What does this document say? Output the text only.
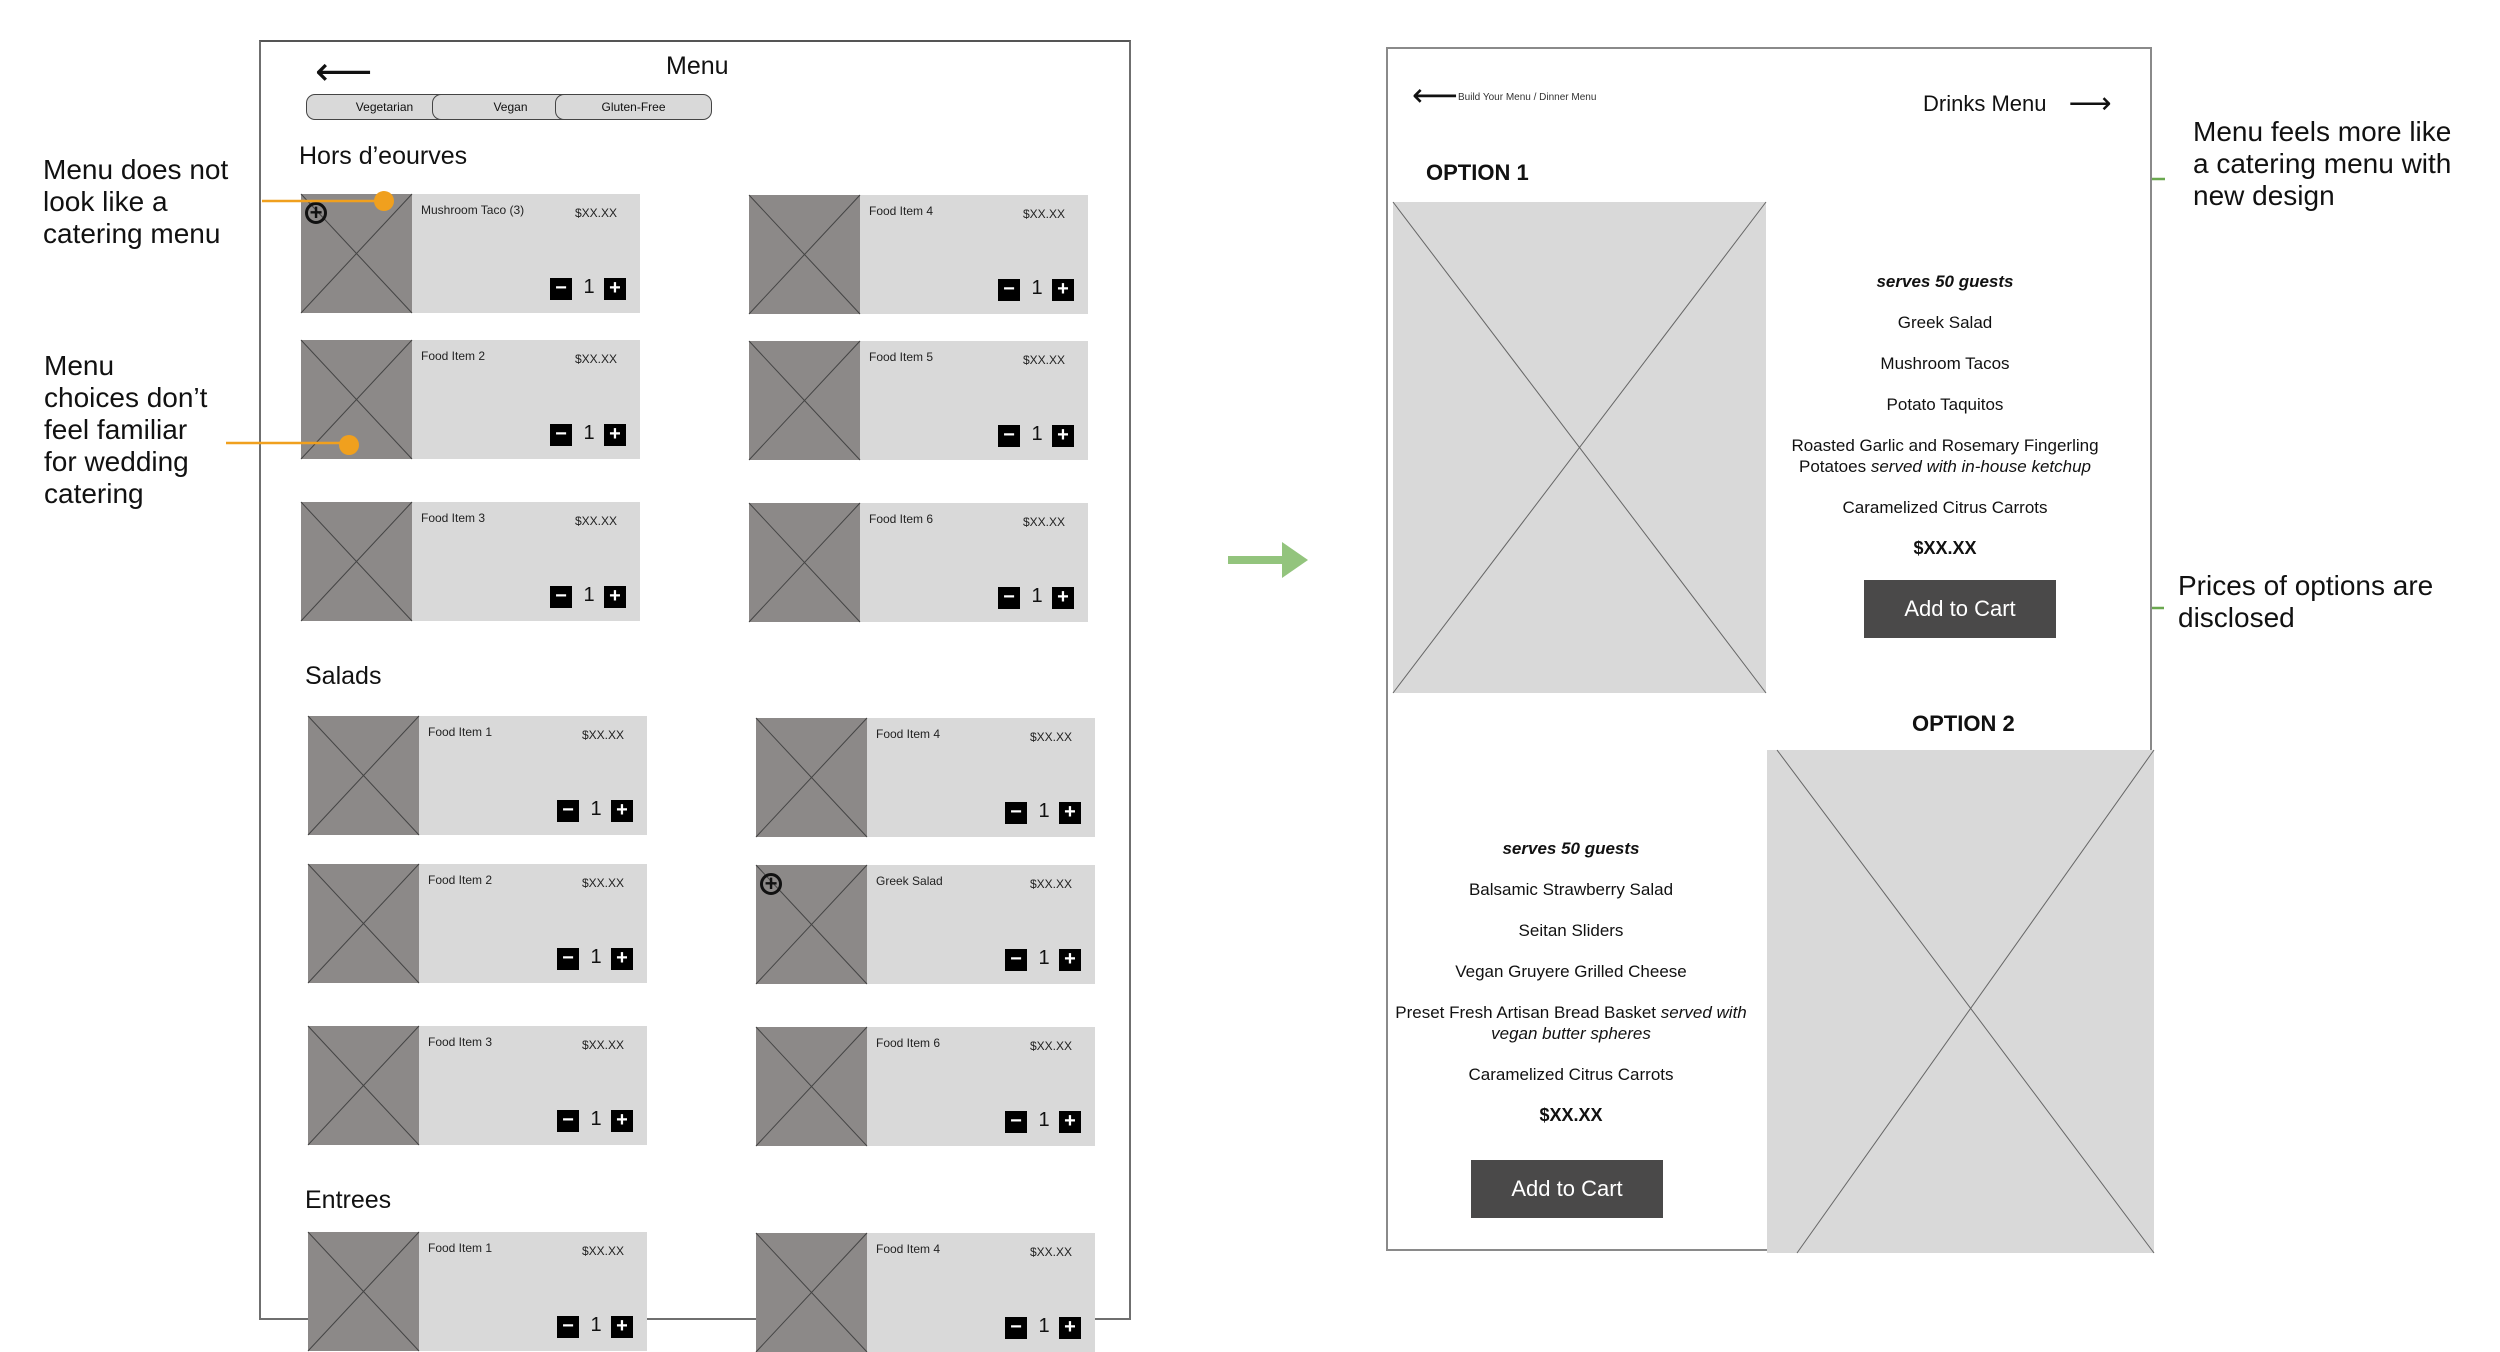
⟵	Menu
Vegetarian	Vegan	Gluten-Free
Hors d’eourves
Salads
Entrees
+	Mushroom Taco (3)	$XX.XX
− 1 +
Food Item 4	$XX.XX
− 1 +
Food Item 2	$XX.XX
− 1 +
Food Item 5	$XX.XX
− 1 +
Food Item 3	$XX.XX
− 1 +
Food Item 6	$XX.XX
− 1 +
Food Item 1	$XX.XX
− 1 +
Food Item 4	$XX.XX
− 1 +
Food Item 2	$XX.XX
− 1 +
+	Greek Salad	$XX.XX
− 1 +
Food Item 3	$XX.XX
− 1 +
Food Item 6	$XX.XX
− 1 +
Food Item 1	$XX.XX
− 1 +
Food Item 4	$XX.XX
− 1 +
Menu does not look like a catering menu
Menu choices don’t feel familiar for wedding catering
Menu feels more like a catering menu with new design
Prices of options are disclosed
⟵ Build Your Menu / Dinner Menu	Drinks Menu ⟶
OPTION 1
serves 50 guests
Greek Salad
Mushroom Tacos
Potato Taquitos
Roasted Garlic and Rosemary Fingerling Potatoes served with in-house ketchup
Caramelized Citrus Carrots
$XX.XX
Add to Cart
OPTION 2
serves 50 guests
Balsamic Strawberry Salad
Seitan Sliders
Vegan Gruyere Grilled Cheese
Preset Fresh Artisan Bread Basket served with vegan butter spheres
Caramelized Citrus Carrots
$XX.XX
Add to Cart
